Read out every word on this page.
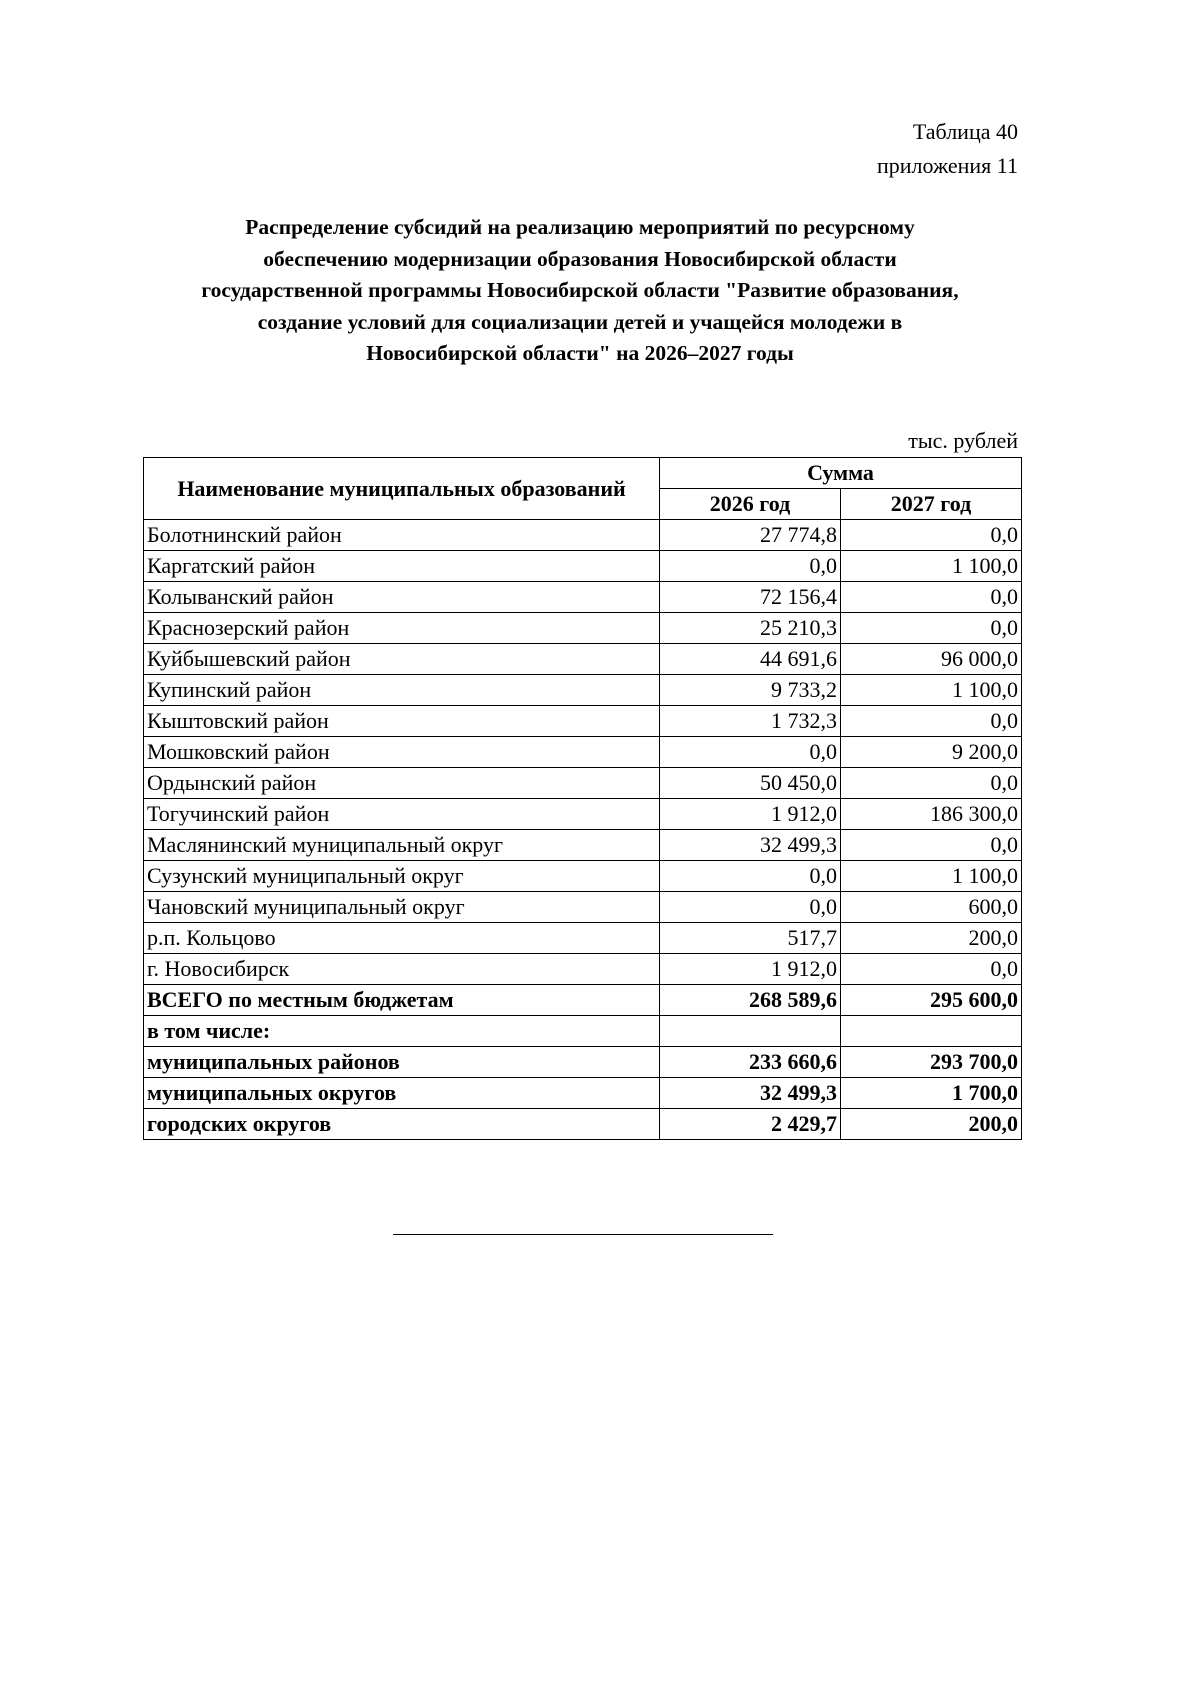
Таблица 40
приложения 11
Распределение субсидий на реализацию мероприятий по ресурсному
обеспечению модернизации образования Новосибирской области
государственной программы Новосибирской области "Развитие образования,
создание условий для социализации детей и учащейся молодежи в
Новосибирской области" на 2026–2027 годы
тыс. рублей
Наименование муниципальных образований	Сумма	
	2026 год	2027 год
Болотнинский район	27 774,8	0,0
Каргатский район	0,0	1 100,0
Колыванский район	72 156,4	0,0
Краснозерский район	25 210,3	0,0
Куйбышевский район	44 691,6	96 000,0
Купинский район	9 733,2	1 100,0
Кыштовский район	1 732,3	0,0
Мошковский район	0,0	9 200,0
Ордынский район	50 450,0	0,0
Тогучинский район	1 912,0	186 300,0
Маслянинский муниципальный округ	32 499,3	0,0
Сузунский муниципальный округ	0,0	1 100,0
Чановский муниципальный округ	0,0	600,0
р.п. Кольцово	517,7	200,0
г. Новосибирск	1 912,0	0,0
ВСЕГО по местным бюджетам	268 589,6	295 600,0
в том числе:		
муниципальных районов	233 660,6	293 700,0
муниципальных округов	32 499,3	1 700,0
городских округов	2 429,7	200,0
